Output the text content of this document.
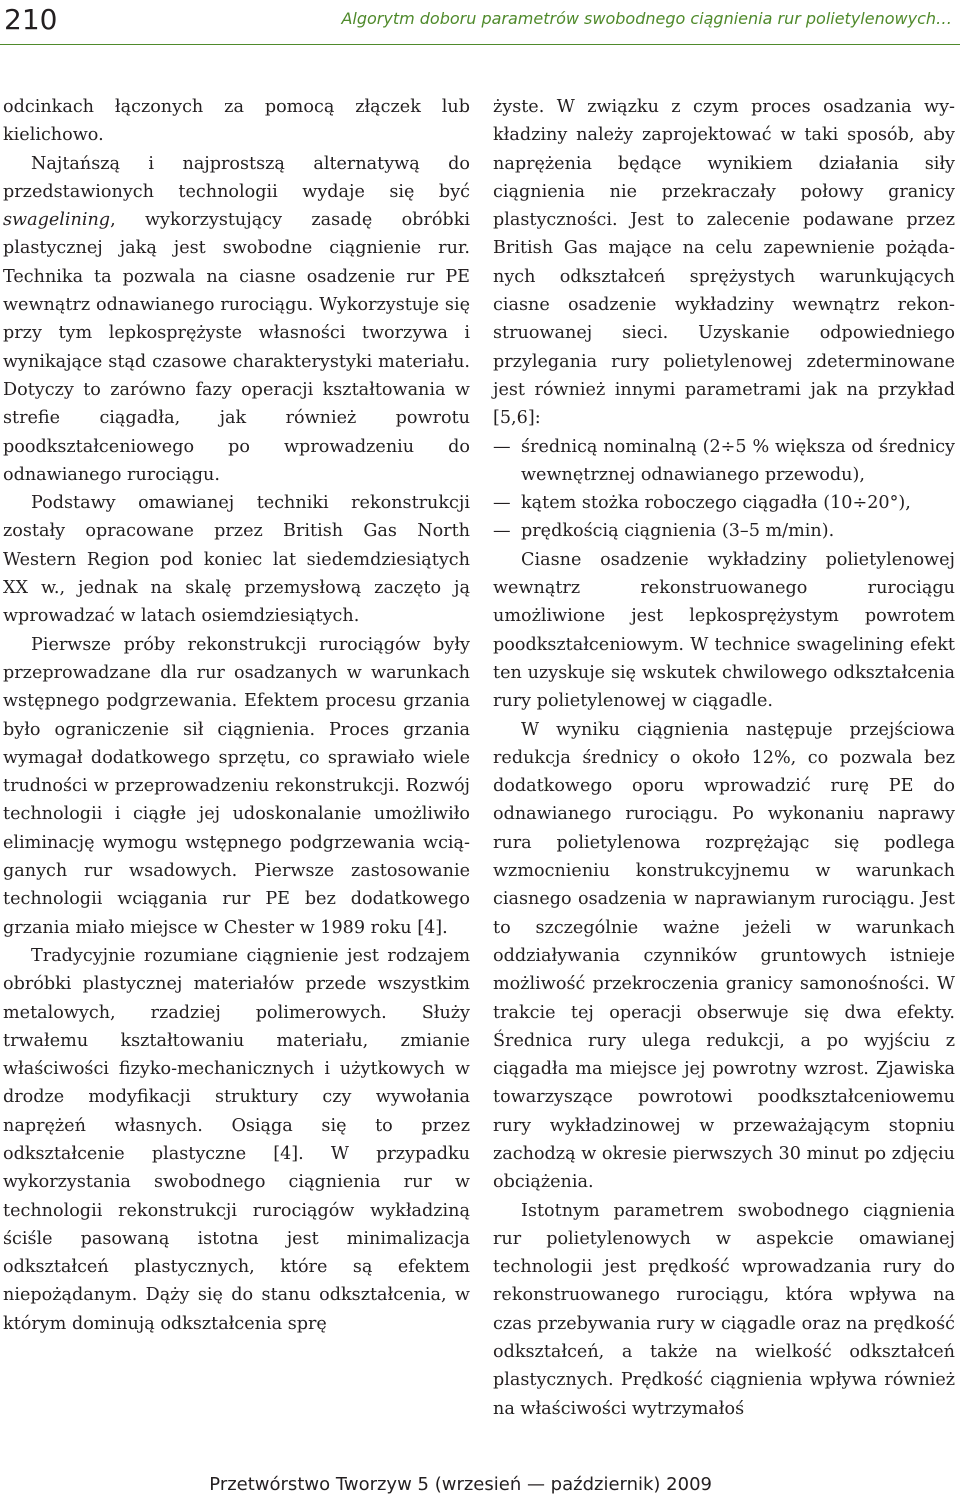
210	Algorytm doboru parametrów swobodnego ciągnienia rur polietylenowych…

odcinkach łączonych za pomocą złączek lub kielichowo.

Najtańszą i najprostszą alternatywą do przedstawionych technologii wydaje się być swagelining, wykorzystujący zasadę obróbki plastycznej jaką jest swobodne ciągnienie rur. Technika ta pozwala na ciasne osadzenie rur PE wewnątrz odnawianego rurociągu. Wykorzystuje się przy tym lepkosprężyste własności tworzywa i wynikające stąd czasowe charakterystyki materiału. Dotyczy to zarówno fazy operacji kształtowania w strefie ciągadła, jak również powrotu poodkształceniowego po wprowadzeniu do odnawianego rurociągu.

Podstawy omawianej techniki rekonstrukcji zostały opracowane przez British Gas North Western Region pod koniec lat siedemdziesiątych XX w., jednak na skalę przemysłową zaczęto ją wprowadzać w latach osiemdziesiątych.

Pierwsze próby rekonstrukcji rurociągów były przeprowadzane dla rur osadzanych w warunkach wstępnego podgrzewania. Efektem procesu grzania było ograniczenie sił ciągnienia. Proces grzania wymagał dodatkowego sprzętu, co sprawiało wiele trudności w przeprowadzeniu rekonstrukcji. Rozwój technologii i ciągłe jej udoskonalanie umożliwiło eliminację wymogu wstępnego podgrzewania wciąganych rur wsadowych. Pierwsze zastosowanie technologii wciągania rur PE bez dodatkowego grzania miało miejsce w Chester w 1989 roku [4].

Tradycyjnie rozumiane ciągnienie jest rodzajem obróbki plastycznej materiałów przede wszystkim metalowych, rzadziej polimerowych. Służy trwałemu kształtowaniu materiału, zmianie właściwości fizyko-mechanicznych i użytkowych w drodze modyfikacji struktury czy wywołania naprężeń własnych. Osiąga się to przez odkształcenie plastyczne [4]. W przypadku wykorzystania swobodnego ciągnienia rur w technologii rekonstrukcji rurociągów wykładziną ściśle pasowaną istotna jest minimalizacja odkształceń plastycznych, które są efektem niepożądanym. Dąży się do stanu odkształcenia, w którym dominują odkształcenia sprę

żyste. W związku z czym proces osadzania wykładziny należy zaprojektować w taki sposób, aby naprężenia będące wynikiem działania siły ciągnienia nie przekraczały połowy granicy plastyczności. Jest to zalecenie podawane przez British Gas mające na celu zapewnienie pożądanych odkształceń sprężystych warunkujących ciasne osadzenie wykładziny wewnątrz rekonstruowanej sieci. Uzyskanie odpowiedniego przylegania rury polietylenowej zdeterminowane jest również innymi parametrami jak na przykład [5,6]:

— średnicą nominalną (2÷5 % większa od średnicy wewnętrznej odnawianego przewodu),
— kątem stożka roboczego ciągadła (10÷20°),
— prędkością ciągnienia (3–5 m/min).

Ciasne osadzenie wykładziny polietylenowej wewnątrz rekonstruowanego rurociągu umożliwione jest lepkosprężystym powrotem poodkształceniowym. W technice swagelining efekt ten uzyskuje się wskutek chwilowego odkształcenia rury polietylenowej w ciągadle.

W wyniku ciągnienia następuje przejściowa redukcja średnicy o około 12%, co pozwala bez dodatkowego oporu wprowadzić rurę PE do odnawianego rurociągu. Po wykonaniu naprawy rura polietylenowa rozprężając się podlega wzmocnieniu konstrukcyjnemu w warunkach ciasnego osadzenia w naprawianym rurociągu. Jest to szczególnie ważne jeżeli w warunkach oddziaływania czynników gruntowych istnieje możliwość przekroczenia granicy samonośności. W trakcie tej operacji obserwuje się dwa efekty. Średnica rury ulega redukcji, a po wyjściu z ciągadła ma miejsce jej powrotny wzrost. Zjawiska towarzyszące powrotowi poodkształceniowemu rury wykładzinowej w przeważającym stopniu zachodzą w okresie pierwszych 30 minut po zdjęciu obciążenia.

Istotnym parametrem swobodnego ciągnienia rur polietylenowych w aspekcie omawianej technologii jest prędkość wprowadzania rury do rekonstruowanego rurociągu, która wpływa na czas przebywania rury w ciągadle oraz na prędkość odkształceń, a także na wielkość odkształceń plastycznych. Prędkość ciągnienia wpływa również na właściwości wytrzymałoś

Przetwórstwo Tworzyw 5 (wrzesień — październik) 2009
